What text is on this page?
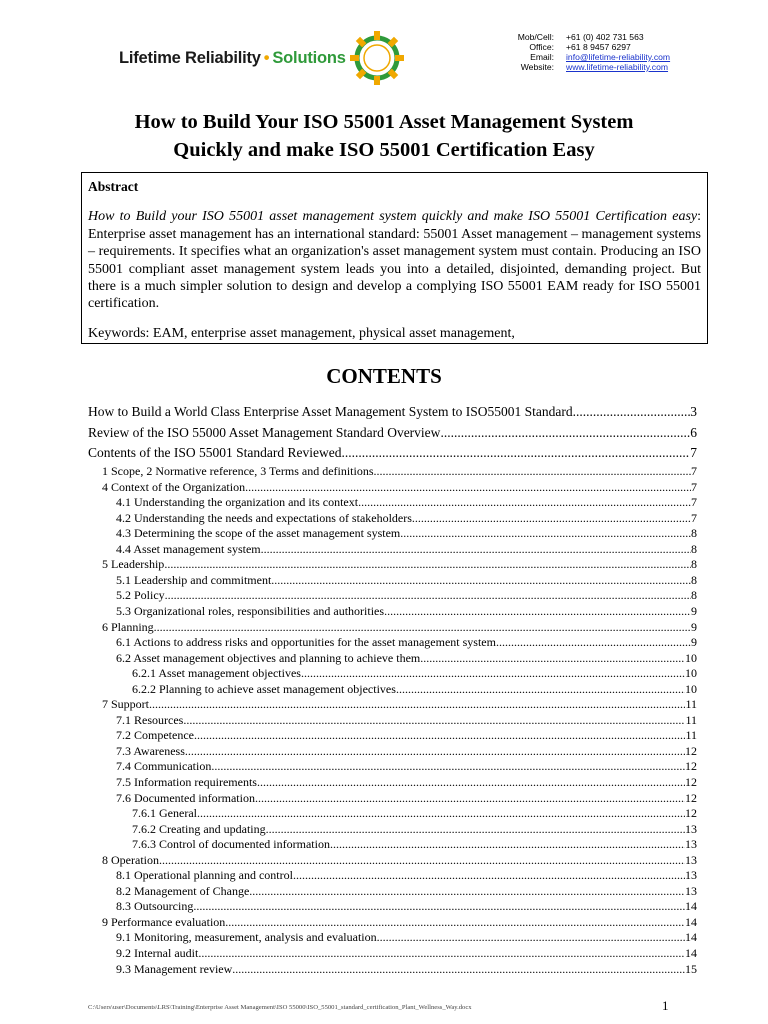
Lifetime Reliability • Solutions
Mob/Cell:	+61 (0) 402 731 563
Office:	+61 8 9457 6297
Email:	info@lifetime-reliability.com
Website:	www.lifetime-reliability.com
How to Build Your ISO 55001 Asset Management System
Quickly and make ISO 55001 Certification Easy
Abstract

How to Build your ISO 55001 asset management system quickly and make ISO 55001 Certification easy: Enterprise asset management has an international standard: 55001 Asset management – management systems – requirements. It specifies what an organization's asset management system must contain. Producing an ISO 55001 compliant asset management system leads you into a detailed, disjointed, demanding project. But there is a much simpler solution to design and develop a complying ISO 55001 EAM ready for ISO 55001 certification.

Keywords: EAM, enterprise asset management, physical asset management,

CONTENTS
How to Build a World Class Enterprise Asset Management System to ISO55001 Standard .....	3
Review of the ISO 55000 Asset Management Standard Overview .....	6
Contents of the ISO 55001 Standard Reviewed .....	7
1 Scope, 2 Normative reference, 3 Terms and definitions .....	7
4 Context of the Organization .....	7
4.1 Understanding the organization and its context .....	7
4.2 Understanding the needs and expectations of stakeholders .....	7
4.3 Determining the scope of the asset management system .....	8
4.4 Asset management system .....	8
5 Leadership .....	8
5.1 Leadership and commitment .....	8
5.2 Policy .....	8
5.3 Organizational roles, responsibilities and authorities .....	9
6 Planning .....	9
6.1 Actions to address risks and opportunities for the asset management system .....	9
6.2 Asset management objectives and planning to achieve them .....	10
6.2.1 Asset management objectives .....	10
6.2.2 Planning to achieve asset management objectives .....	10
7 Support .....	11
7.1 Resources .....	11
7.2 Competence .....	11
7.3 Awareness .....	12
7.4 Communication .....	12
7.5 Information requirements .....	12
7.6 Documented information .....	12
7.6.1 General .....	12
7.6.2 Creating and updating .....	13
7.6.3 Control of documented information .....	13
8 Operation .....	13
8.1 Operational planning and control .....	13
8.2 Management of Change .....	13
8.3 Outsourcing .....	14
9 Performance evaluation .....	14
9.1 Monitoring, measurement, analysis and evaluation .....	14
9.2 Internal audit .....	14
9.3 Management review .....	15
C:\Users\user\Documents\LRS\Training\Enterprise Asset Management\ISO 55000\ISO_55001_standard_certification_Plant_Wellness_Way.docx	1
